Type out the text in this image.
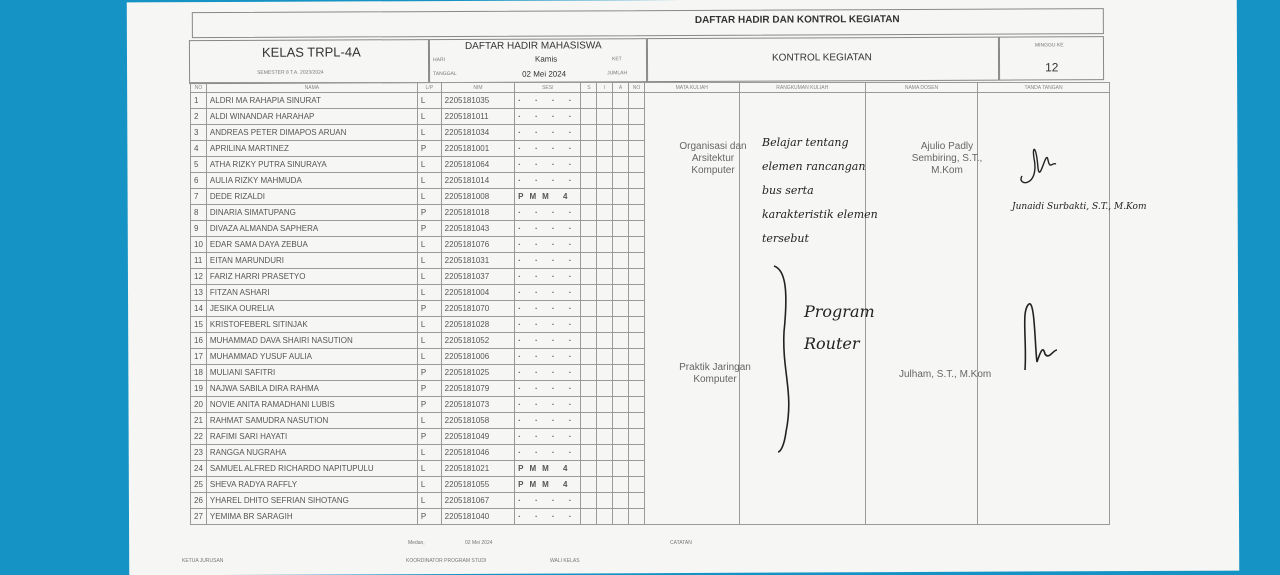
DAFTAR HADIR DAN KONTROL KEGIATAN
KELAS TRPL-4A
SEMESTER 8 T.A. 2023/2024
DAFTAR HADIR MAHASISWA
HARI	Kamis	KET
TANGGAL	02 Mei 2024	JUMLAH
KONTROL KEGIATAN
MINGGU KE
12
NO	NAMA	L/P	NIM	SESI	S	I	A	NO	MATA KULIAH	RANGKUMAN KULIAH	NAMA DOSEN	TANDA TANGAN
1	ALDRI MA RAHAPIA SINURAT	L	2205181035	· · · ·								
2	ALDI WINANDAR HARAHAP	L	2205181011	· · · ·								
3	ANDREAS PETER DIMAPOS ARUAN	L	2205181034	· · · ·								
4	APRILINA MARTINEZ	P	2205181001	· · · ·								
5	ATHA RIZKY PUTRA SINURAYA	L	2205181064	· · · ·								
6	AULIA RIZKY MAHMUDA	L	2205181014	· · · ·								
7	DEDE RIZALDI	L	2205181008	PMM 4								
8	DINARIA SIMATUPANG	P	2205181018	· · · ·								
9	DIVAZA ALMANDA SAPHERA	P	2205181043	· · · ·								
10	EDAR SAMA DAYA ZEBUA	L	2205181076	· · · ·								
11	EITAN MARUNDURI	L	2205181031	· · · ·								
12	FARIZ HARRI PRASETYO	L	2205181037	· · · ·								
13	FITZAN ASHARI	L	2205181004	· · · ·								
14	JESIKA OURELIA	P	2205181070	· · · ·								
15	KRISTOFEBERL SITINJAK	L	2205181028	· · · ·								
16	MUHAMMAD DAVA SHAIRI NASUTION	L	2205181052	· · · ·								
17	MUHAMMAD YUSUF AULIA	L	2205181006	· · · ·								
18	MULIANI SAFITRI	P	2205181025	· · · ·								
19	NAJWA SABILA DIRA RAHMA	P	2205181079	· · · ·								
20	NOVIE ANITA RAMADHANI LUBIS	P	2205181073	· · · ·								
21	RAHMAT SAMUDRA NASUTION	L	2205181058	· · · ·								
22	RAFIMI SARI HAYATI	P	2205181049	· · · ·								
23	RANGGA NUGRAHA	L	2205181046	· · · ·								
24	SAMUEL ALFRED RICHARDO NAPITUPULU	L	2205181021	PMM 4								
25	SHEVA RADYA RAFFLY	L	2205181055	PMM 4								
26	YHAREL DHITO SEFRIAN SIHOTANG	L	2205181067	· · · ·								
27	YEMIMA BR SARAGIH	P	2205181040	· · · ·								
Organisasi dan Arsitektur Komputer
Belajar tentang elemen rancangan bus serta karakteristik elemen tersebut
Ajulio Padly Sembiring, S.T., M.Kom
Junaidi Surbakti, S.T., M.Kom
Praktik Jaringan Komputer
Program Router
Julham, S.T., M.Kom
KETUA JURUSAN
Medan,	02 Mei 2024
KOORDINATOR PROGRAM STUDI	WALI KELAS
CATATAN
